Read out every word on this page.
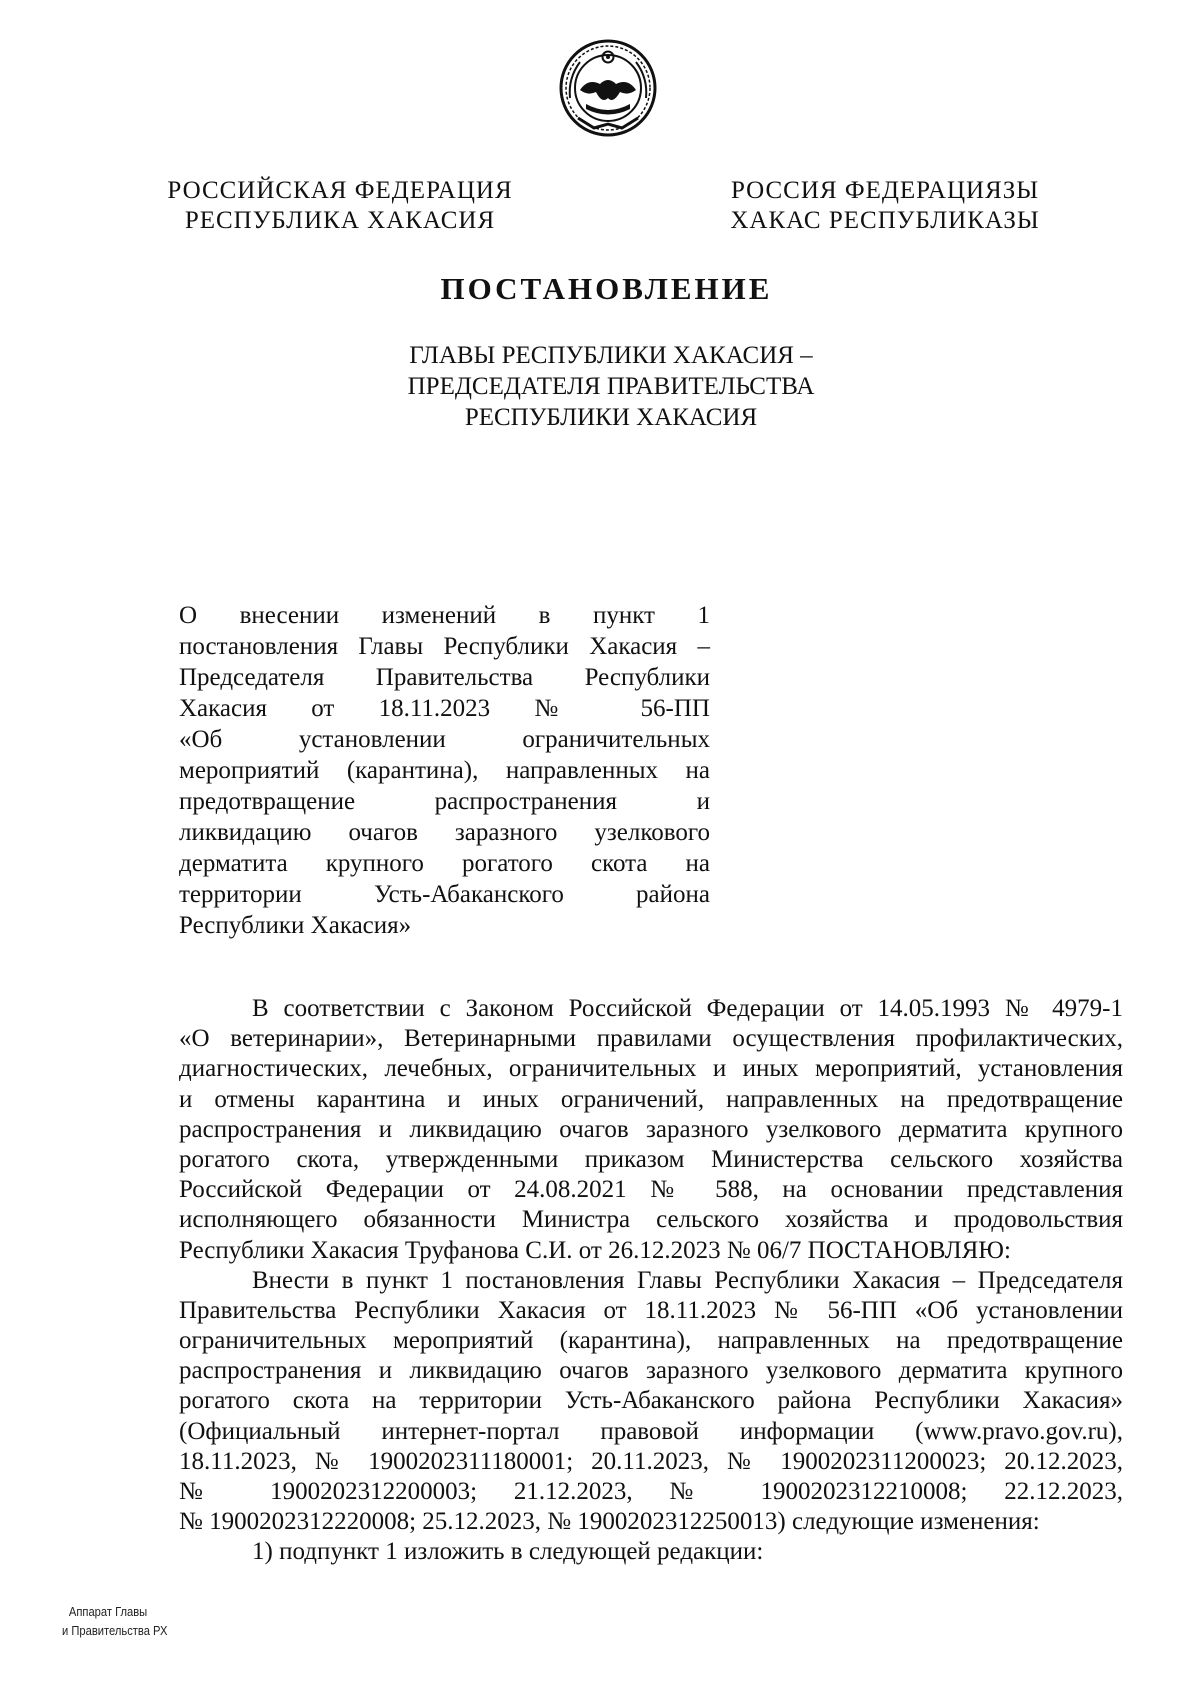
РОССИЙСКАЯ ФЕДЕРАЦИЯ
РЕСПУБЛИКА ХАКАСИЯ
РОССИЯ ФЕДЕРАЦИЯЗЫ
ХАКАС РЕСПУБЛИКАЗЫ
ПОСТАНОВЛЕНИЕ
ГЛАВЫ РЕСПУБЛИКИ ХАКАСИЯ –
ПРЕДСЕДАТЕЛЯ ПРАВИТЕЛЬСТВА
РЕСПУБЛИКИ ХАКАСИЯ
О внесении изменений в пункт 1
постановления Главы Республики Хакасия –
Председателя Правительства Республики
Хакасия от 18.11.2023 № 56-ПП
«Об установлении ограничительных
мероприятий (карантина), направленных на
предотвращение распространения и
ликвидацию очагов заразного узелкового
дерматита крупного рогатого скота на
территории Усть-Абаканского района
Республики Хакасия»
В соответствии с Законом Российской Федерации от 14.05.1993 № 4979-1
«О ветеринарии», Ветеринарными правилами осуществления профилактических,
диагностических, лечебных, ограничительных и иных мероприятий, установления
и отмены карантина и иных ограничений, направленных на предотвращение
распространения и ликвидацию очагов заразного узелкового дерматита крупного
рогатого скота, утвержденными приказом Министерства сельского хозяйства
Российской Федерации от 24.08.2021 № 588, на основании представления
исполняющего обязанности Министра сельского хозяйства и продовольствия
Республики Хакасия Труфанова С.И. от 26.12.2023 № 06/7 ПОСТАНОВЛЯЮ:
Внести в пункт 1 постановления Главы Республики Хакасия – Председателя
Правительства Республики Хакасия от 18.11.2023 № 56-ПП «Об установлении
ограничительных мероприятий (карантина), направленных на предотвращение
распространения и ликвидацию очагов заразного узелкового дерматита крупного
рогатого скота на территории Усть-Абаканского района Республики Хакасия»
(Официальный интернет-портал правовой информации (www.pravo.gov.ru),
18.11.2023, № 1900202311180001; 20.11.2023, № 1900202311200023; 20.12.2023,
№ 1900202312200003; 21.12.2023, № 1900202312210008; 22.12.2023,
№ 1900202312220008; 25.12.2023, № 1900202312250013) следующие изменения:
1) подпункт 1 изложить в следующей редакции:
Аппарат Главы
и Правительства РХ
